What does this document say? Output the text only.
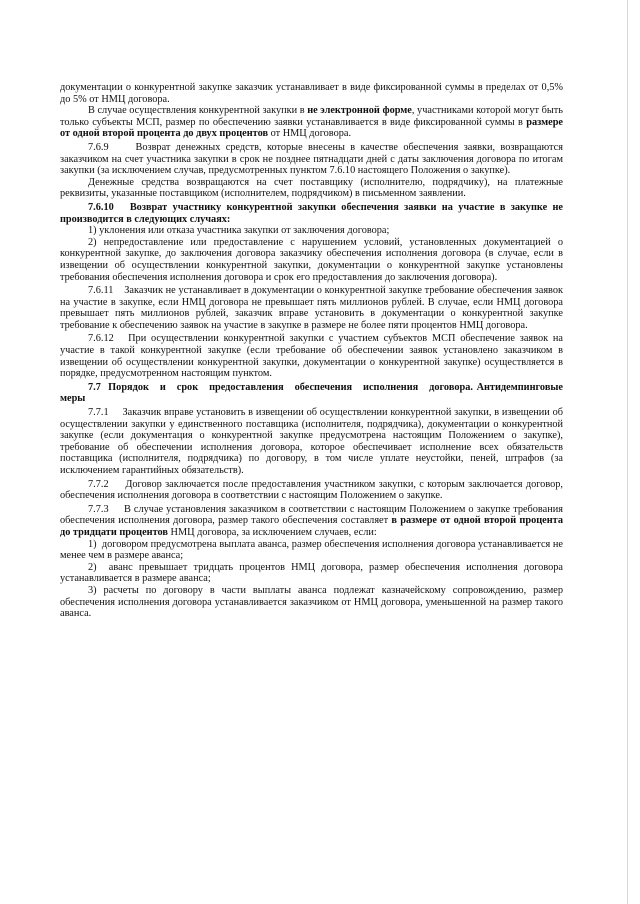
документации о конкурентной закупке заказчик устанавливает в виде фиксированной суммы в пределах от 0,5% до 5% от НМЦ договора.

В случае осуществления конкурентной закупки в не электронной форме, участниками которой могут быть только субъекты МСП, размер по обеспечению заявки устанавливается в виде фиксированной суммы в размере от одной второй процента до двух процентов от НМЦ договора.

7.6.9     Возврат денежных средств, которые внесены в качестве обеспечения заявки, возвращаются заказчиком на счет участника закупки в срок не позднее пятнадцати дней с даты заключения договора по итогам закупки (за исключением случав, предусмотренных пунктом 7.6.10 настоящего Положения о закупке).

Денежные средства возвращаются на счет поставщику (исполнителю, подрядчику), на платежные реквизиты, указанные поставщиком (исполнителем, подрядчиком) в письменном заявлении.

7.6.10   Возврат участнику конкурентной закупки обеспечения заявки на участие в закупке не производится в следующих случаях:

1) уклонения или отказа участника закупки от заключения договора;

2) непредоставление или предоставление с нарушением условий, установленных документацией о конкурентной закупке, до заключения договора заказчику обеспечения исполнения договора (в случае, если в извещении об осуществлении конкурентной закупки, документации о конкурентной закупке установлены требования обеспечения исполнения договора и срок его предоставления до заключения договора).

7.6.11    Заказчик не устанавливает в документации о конкурентной закупке требование обеспечения заявок на участие в закупке, если НМЦ договора не превышает пять миллионов рублей. В случае, если НМЦ договора превышает пять миллионов рублей, заказчик вправе установить в документации о конкурентной закупке требование к обеспечению заявок на участие в закупке в размере не более пяти процентов НМЦ договора.

7.6.12   При осуществлении конкурентной закупки с участием субъектов МСП обеспечение заявок на участие в такой конкурентной закупке (если требование об обеспечении заявок установлено заказчиком в извещении об осуществлении конкурентной закупки, документации о конкурентной закупке) осуществляется в порядке, предусмотренном настоящим пунктом.

7.7  Порядок   и   срок   предоставления   обеспечения   исполнения   договора. Антидемпинговые меры

7.7.1     Заказчик вправе установить в извещении об осуществлении конкурентной закупки, в извещении об осуществлении закупки у единственного поставщика (исполнителя, подрядчика), документации о конкурентной закупке (если документация о конкурентной закупке предусмотрена настоящим Положением о закупке), требование об обеспечении исполнения договора, которое обеспечивает исполнение всех обязательств поставщика (исполнителя, подрядчика) по договору, в том числе уплате неустойки, пеней, штрафов (за исключением гарантийных обязательств).

7.7.2     Договор заключается после предоставления участником закупки, с которым заключается договор, обеспечения исполнения договора в соответствии с настоящим Положением о закупке.

7.7.3     В случае установления заказчиком в соответствии с настоящим Положением о закупке требования обеспечения исполнения договора, размер такого обеспечения составляет в размере от одной второй процента до тридцати процентов НМЦ договора, за исключением случаев, если:

1)  договором предусмотрена выплата аванса, размер обеспечения исполнения договора устанавливается не менее чем в размере аванса;

2)  аванс превышает тридцать процентов НМЦ договора, размер обеспечения исполнения договора устанавливается в размере аванса;

3) расчеты по договору в части выплаты аванса подлежат казначейскому сопровождению, размер обеспечения исполнения договора устанавливается заказчиком от НМЦ договора, уменьшенной на размер такого аванса.
